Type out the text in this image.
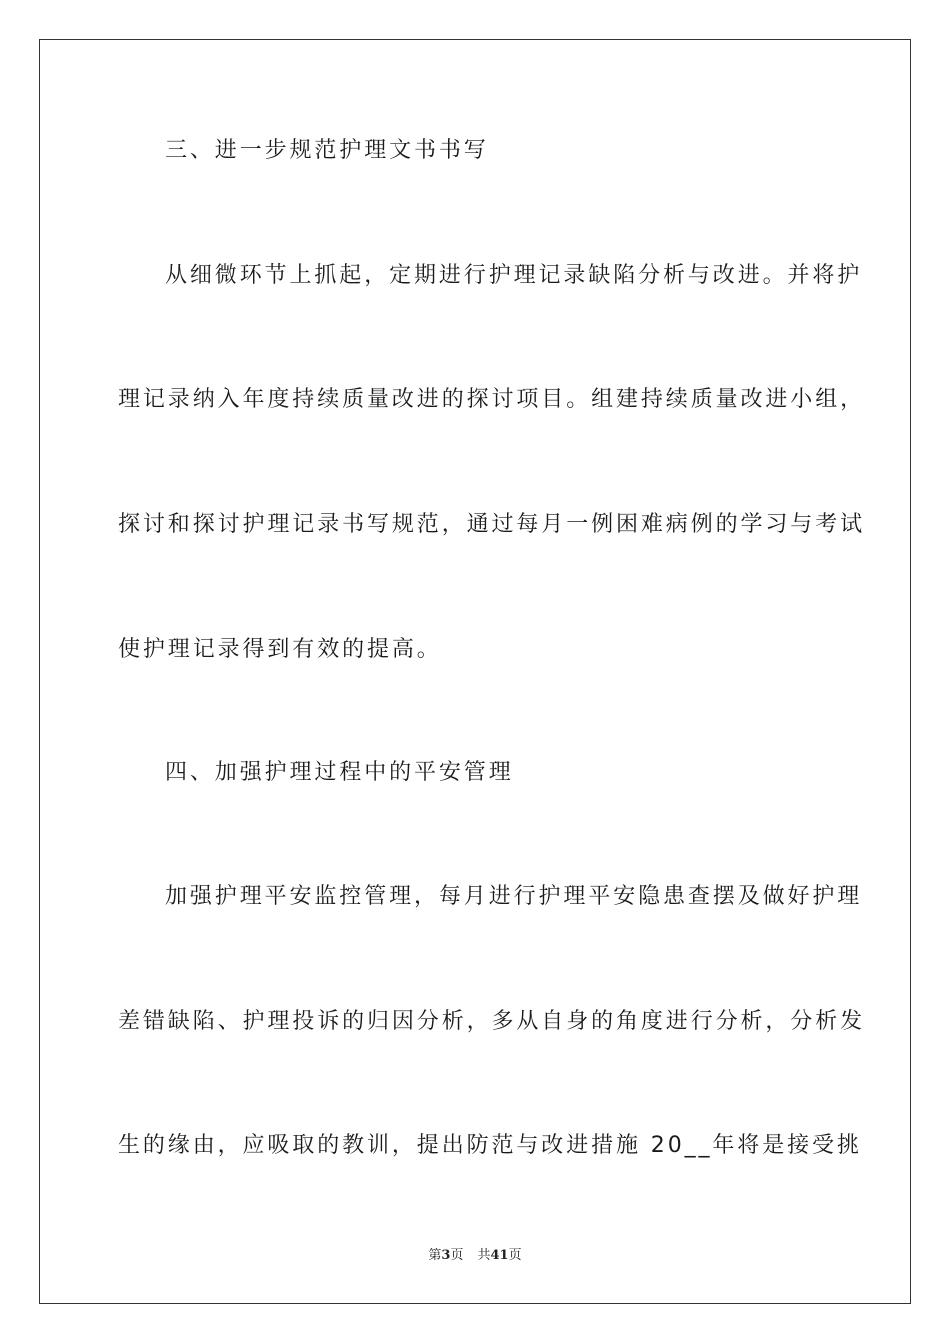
三、进一步规范护理文书书写
从细微环节上抓起，定期进行护理记录缺陷分析与改进。并将护
理记录纳入年度持续质量改进的探讨项目。组建持续质量改进小组，
探讨和探讨护理记录书写规范，通过每月一例困难病例的学习与考试
使护理记录得到有效的提高。
四、加强护理过程中的平安管理
加强护理平安监控管理，每月进行护理平安隐患查摆及做好护理
差错缺陷、护理投诉的归因分析，多从自身的角度进行分析，分析发
生的缘由，应吸取的教训，提出防范与改进措施 20__年将是接受挑
第3页 共41页
